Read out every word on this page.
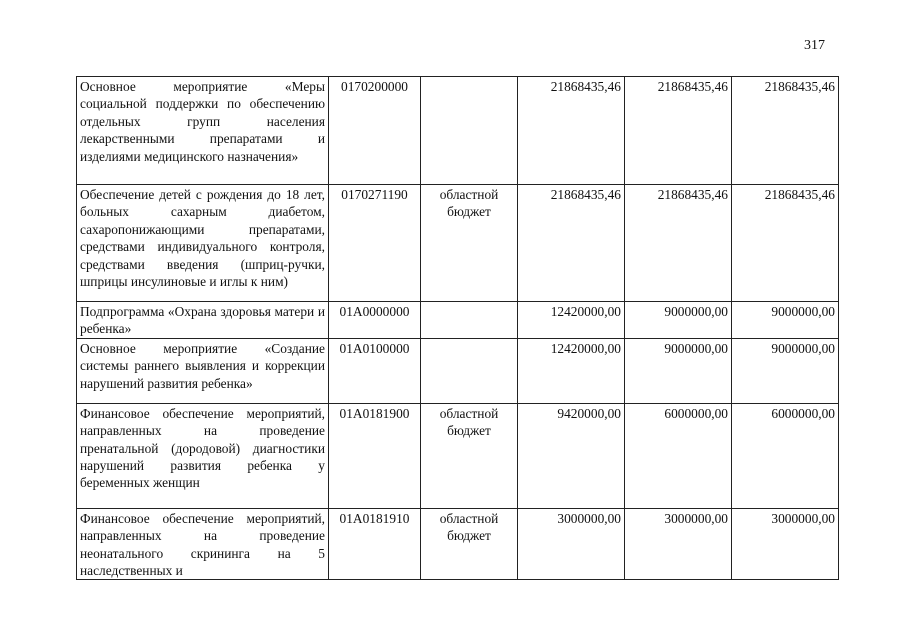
317
Основное мероприятие «Меры социальной поддержки по обеспечению отдельных групп населения лекарственными препаратами и изделиями медицинского назначения»	0170200000		21868435,46	21868435,46	21868435,46
Обеспечение детей с рождения до 18 лет, больных сахарным диабетом, сахаропонижающими препаратами, средствами индивидуального контроля, средствами введения (шприц-ручки, шприцы инсулиновые и иглы к ним)	0170271190	областной бюджет	21868435,46	21868435,46	21868435,46
Подпрограмма «Охрана здоровья матери и ребенка»	01А0000000		12420000,00	9000000,00	9000000,00
Основное мероприятие «Создание системы раннего выявления и коррекции нарушений развития ребенка»	01А0100000		12420000,00	9000000,00	9000000,00
Финансовое обеспечение мероприятий, направленных на проведение пренатальной (дородовой) диагностики нарушений развития ребенка у беременных женщин	01А0181900	областной бюджет	9420000,00	6000000,00	6000000,00
Финансовое обеспечение мероприятий, направленных на проведение неонатального скрининга на 5 наследственных и	01А0181910	областной бюджет	3000000,00	3000000,00	3000000,00
